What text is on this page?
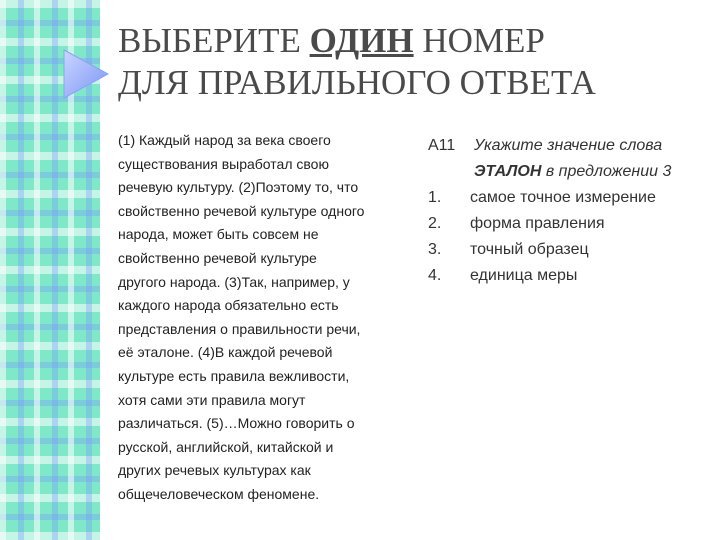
ВЫБЕРИТЕ ОДИН НОМЕР
ДЛЯ ПРАВИЛЬНОГО ОТВЕТА
(1) Каждый народ за века своего
существования выработал свою
речевую культуру. (2)Поэтому то, что
свойственно речевой культуре одного
народа, может быть совсем не
свойственно речевой культуре
другого народа. (3)Так, например, у
каждого народа обязательно есть
представления о правильности речи,
её эталоне. (4)В каждой речевой
культуре есть правила вежливости,
хотя сами эти правила могут
различаться. (5)…Можно говорить о
русской, английской, китайской и
других речевых культурах как
общечеловеческом феномене.
А11	Укажите значение слова
ЭТАЛОН в предложении 3
1.	самое точное измерение
2.	форма правления
3.	точный образец
4.	единица меры
